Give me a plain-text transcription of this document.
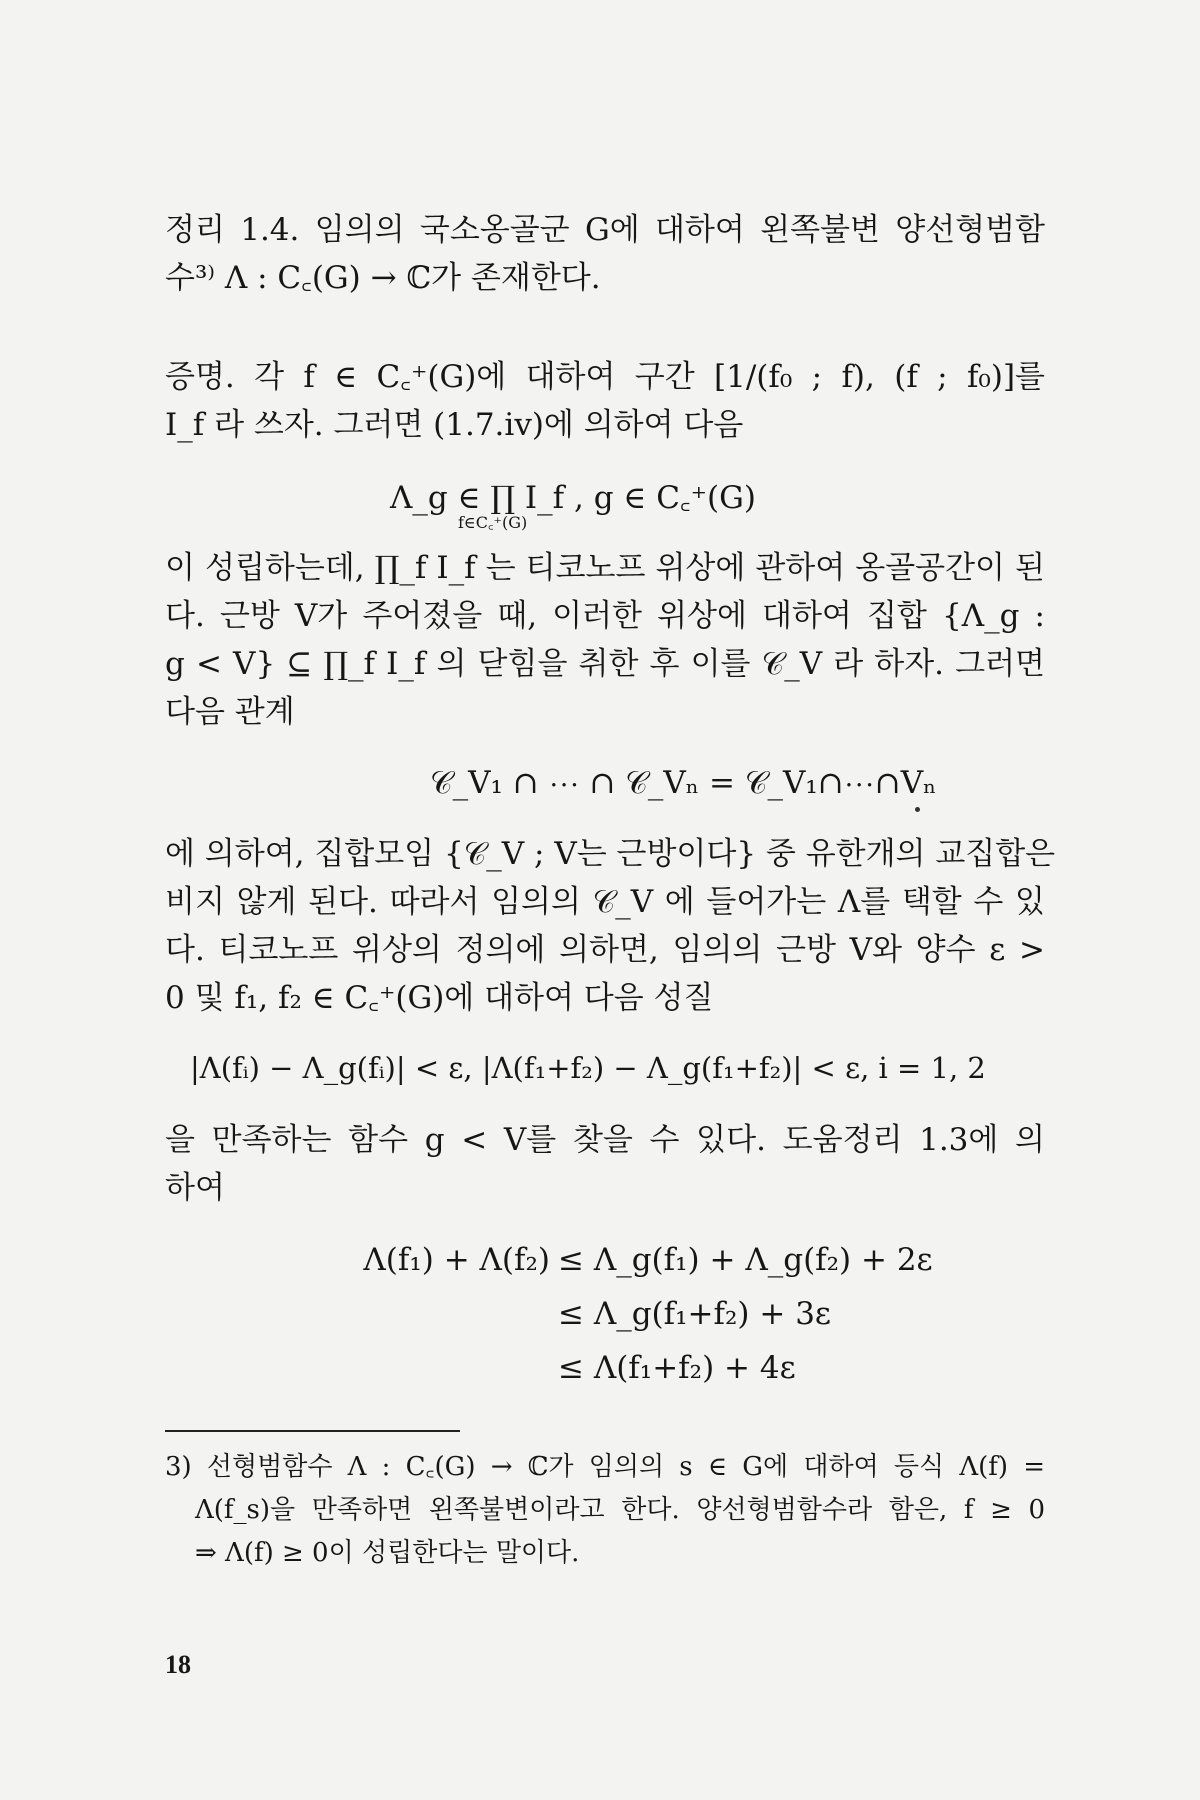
정리 1.4. 임의의 국소옹골군 G에 대하여 왼쪽불변 양선형범함
수³⁾ Λ : C꜀(G) → ℂ가 존재한다.
증명. 각 f ∈ C꜀⁺(G)에 대하여 구간 [1/(f₀ ; f), (f ; f₀)]를
I_f 라 쓰자. 그러면 (1.7.iv)에 의하여 다음
Λ_g ∈ ∏ I_f , g ∈ C꜀⁺(G)
f∈C꜀⁺(G)
이 성립하는데, ∏_f I_f 는 티코노프 위상에 관하여 옹골공간이 된
다. 근방 V가 주어졌을 때, 이러한 위상에 대하여 집합 {Λ_g :
g < V} ⊆ ∏_f I_f 의 닫힘을 취한 후 이를 𝒞_V 라 하자. 그러면
다음 관계
𝒞_V₁ ∩ ⋯ ∩ 𝒞_Vₙ = 𝒞_V₁∩⋯∩Vₙ
에 의하여, 집합모임 {𝒞_V ; V는 근방이다} 중 유한개의 교집합은
비지 않게 된다. 따라서 임의의 𝒞_V 에 들어가는 Λ를 택할 수 있
다. 티코노프 위상의 정의에 의하면, 임의의 근방 V와 양수 ε >
0 및 f₁, f₂ ∈ C꜀⁺(G)에 대하여 다음 성질
|Λ(fᵢ) − Λ_g(fᵢ)| < ε, |Λ(f₁+f₂) − Λ_g(f₁+f₂)| < ε, i = 1, 2
을 만족하는 함수 g < V를 찾을 수 있다. 도움정리 1.3에 의
하여
Λ(f₁) + Λ(f₂) ≤ Λ_g(f₁) + Λ_g(f₂) + 2ε
≤ Λ_g(f₁+f₂) + 3ε
≤ Λ(f₁+f₂) + 4ε
3) 선형범함수 Λ : C꜀(G) → ℂ가 임의의 s ∈ G에 대하여 등식 Λ(f) =
Λ(f_s)을 만족하면 왼쪽불변이라고 한다. 양선형범함수라 함은, f ≥ 0
⇒ Λ(f) ≥ 0이 성립한다는 말이다.
18
